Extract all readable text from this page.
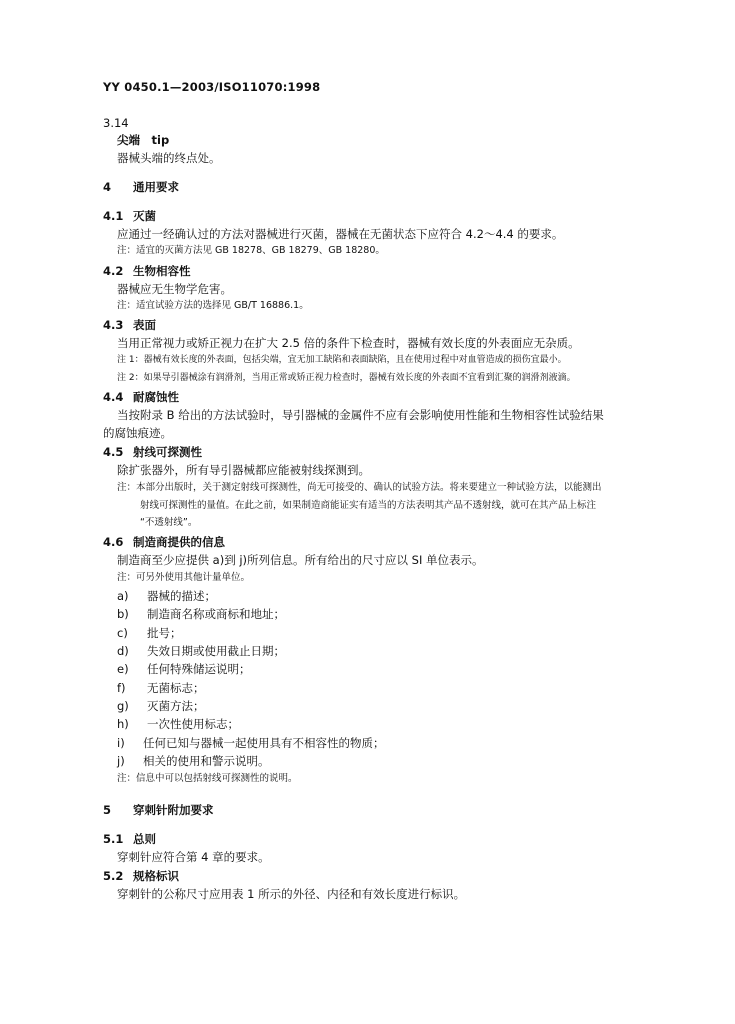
YY 0450.1—2003/ISO11070:1998
3.14
尖端　tip
器械头端的终点处。
4 通用要求
4.1 灭菌
应通过一经确认过的方法对器械进行灭菌，器械在无菌状态下应符合 4.2～4.4 的要求。
注：适宜的灭菌方法见 GB 18278、GB 18279、GB 18280。
4.2 生物相容性
器械应无生物学危害。
注：适宜试验方法的选择见 GB/T 16886.1。
4.3 表面
当用正常视力或矫正视力在扩大 2.5 倍的条件下检查时，器械有效长度的外表面应无杂质。
注 1：器械有效长度的外表面，包括尖端，宜无加工缺陷和表面缺陷，且在使用过程中对血管造成的损伤宜最小。
注 2：如果导引器械涂有润滑剂，当用正常或矫正视力检查时，器械有效长度的外表面不宜看到汇聚的润滑剂液滴。
4.4 耐腐蚀性
当按附录 B 给出的方法试验时，导引器械的金属件不应有会影响使用性能和生物相容性试验结果
的腐蚀痕迹。
4.5 射线可探测性
除扩张器外，所有导引器械都应能被射线探测到。
注：本部分出版时，关于测定射线可探测性，尚无可接受的、确认的试验方法。将来要建立一种试验方法，以能测出
射线可探测性的量值。在此之前，如果制造商能证实有适当的方法表明其产品不透射线，就可在其产品上标注
“不透射线”。
4.6 制造商提供的信息
制造商至少应提供 a)到 j)所列信息。所有给出的尺寸应以 SI 单位表示。
注：可另外使用其他计量单位。
a) 器械的描述；
b) 制造商名称或商标和地址；
c) 批号；
d) 失效日期或使用截止日期；
e) 任何特殊储运说明；
f) 无菌标志；
g) 灭菌方法；
h) 一次性使用标志；
i) 任何已知与器械一起使用具有不相容性的物质；
j) 相关的使用和警示说明。
注：信息中可以包括射线可探测性的说明。
5 穿刺针附加要求
5.1 总则
穿刺针应符合第 4 章的要求。
5.2 规格标识
穿刺针的公称尺寸应用表 1 所示的外径、内径和有效长度进行标识。
